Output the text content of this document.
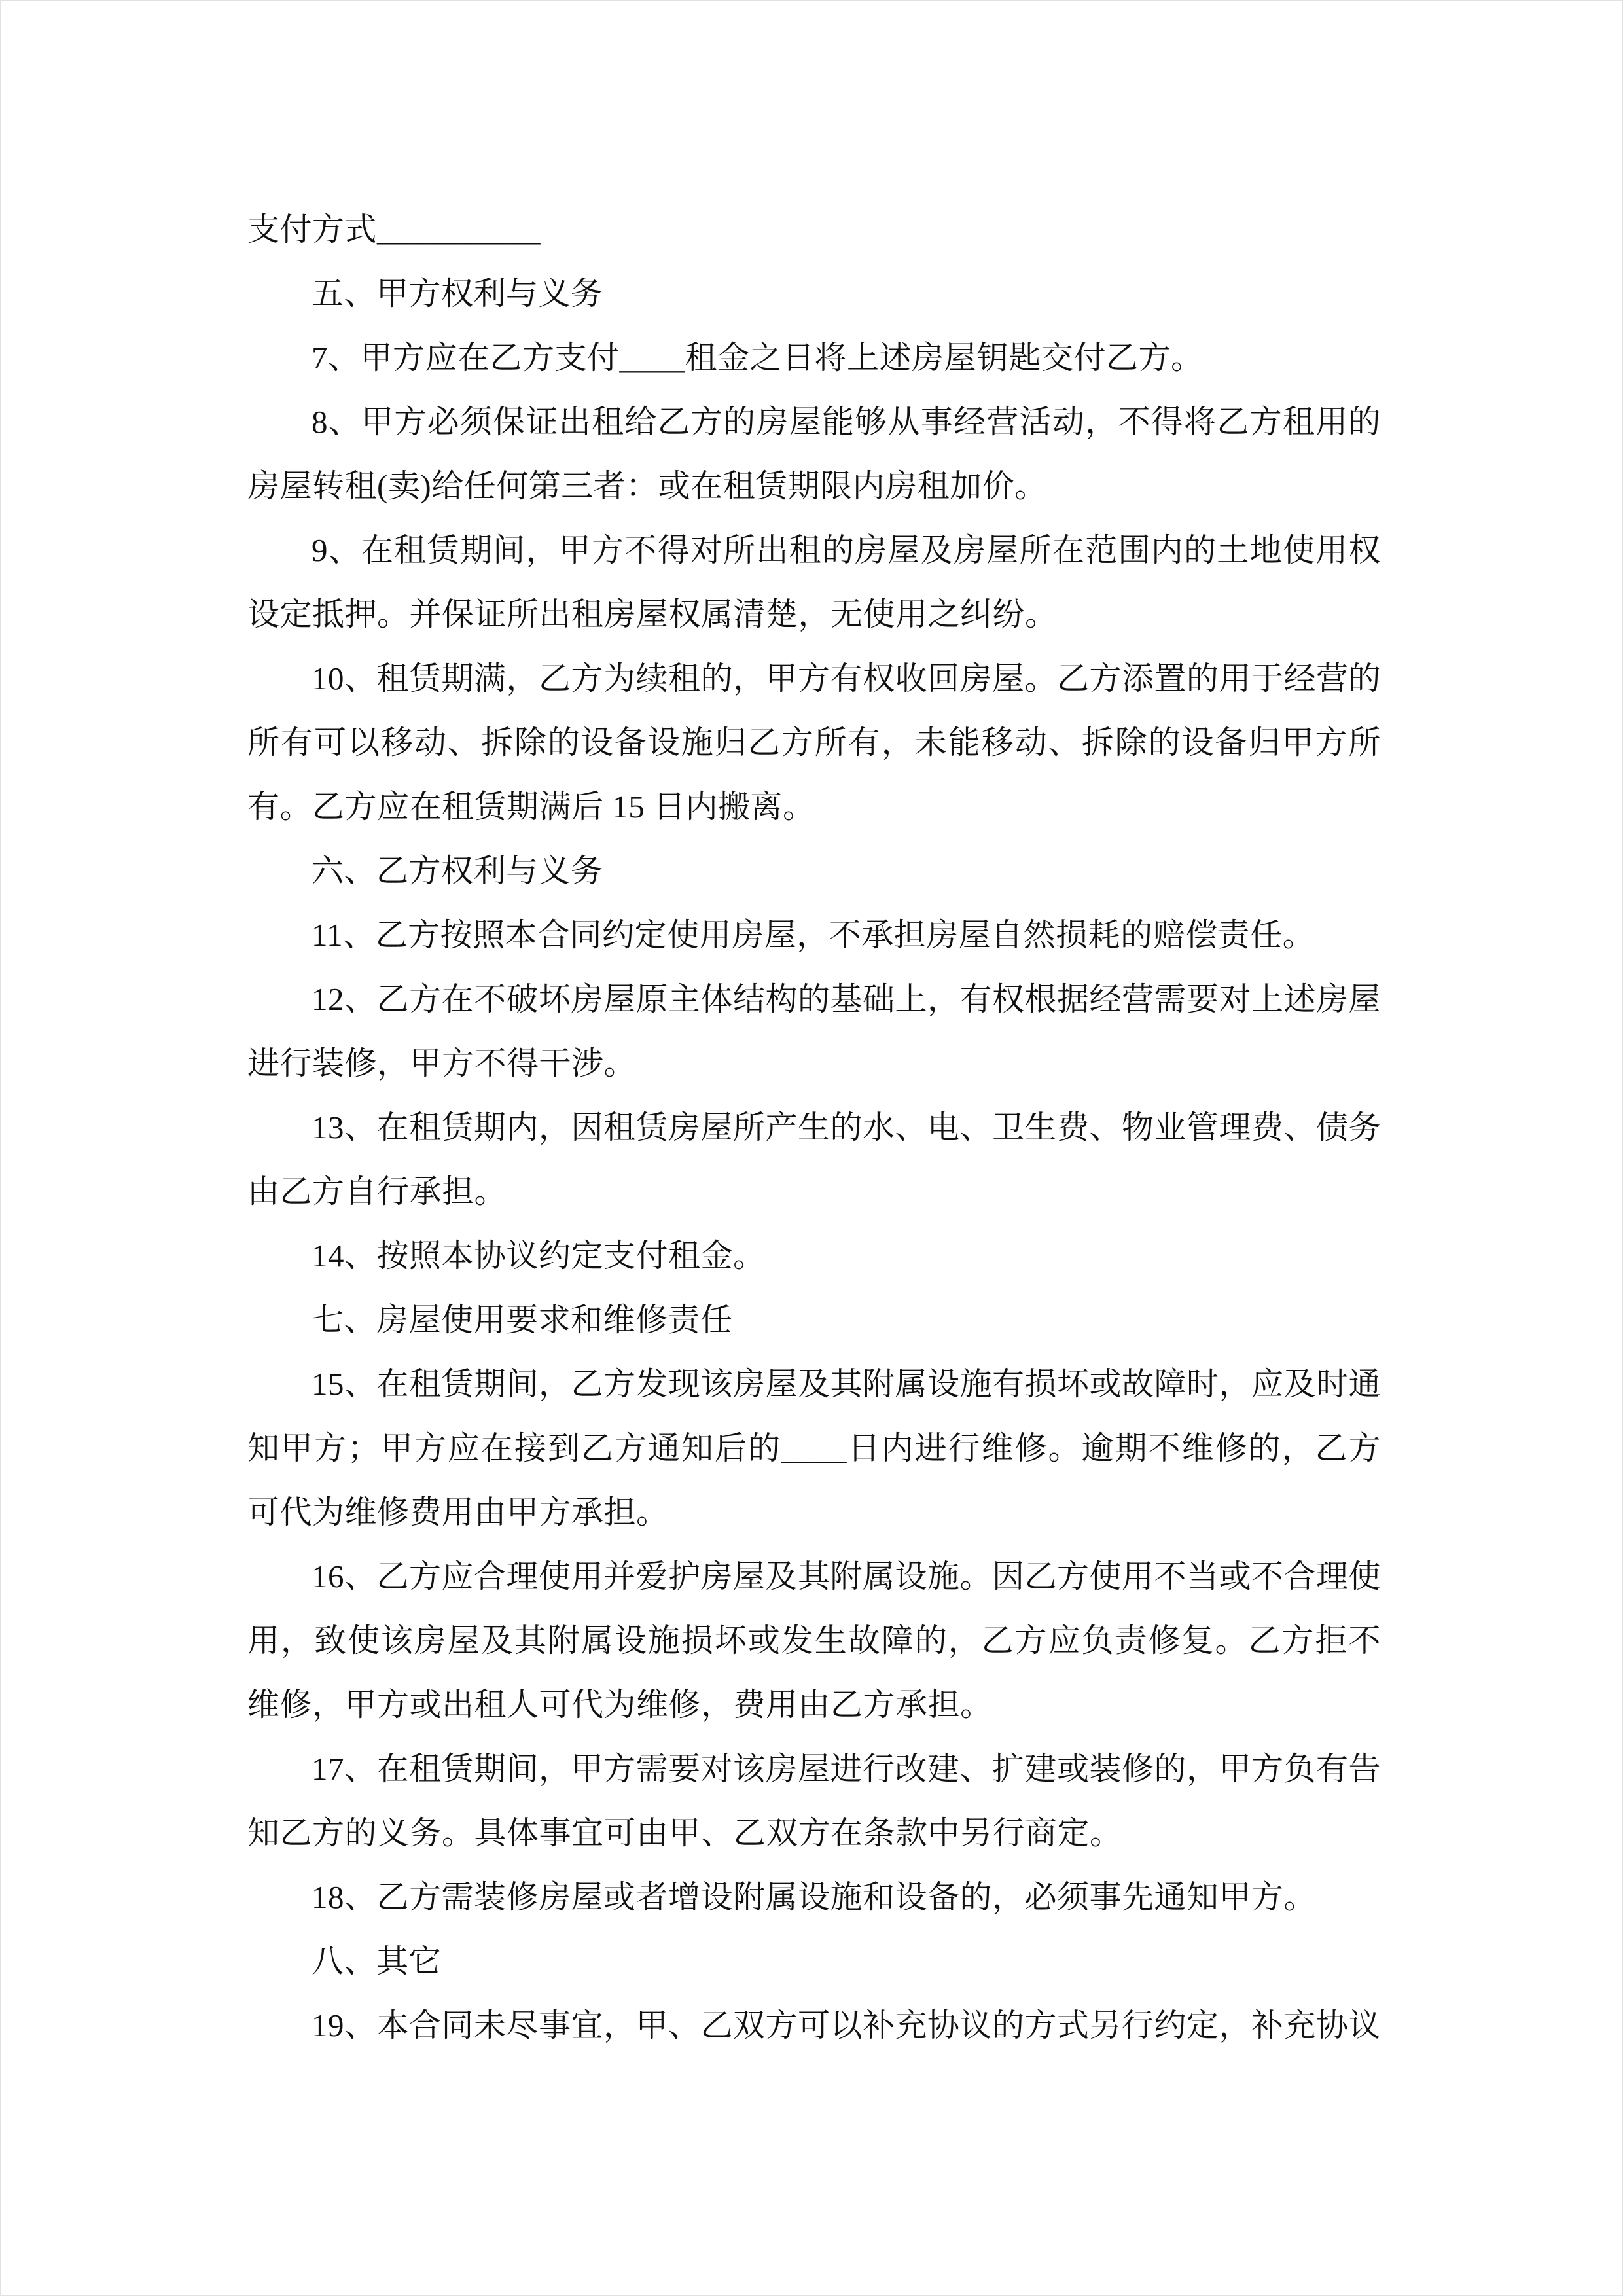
支付方式__________

五、甲方权利与义务

7、甲方应在乙方支付____租金之日将上述房屋钥匙交付乙方。

8、甲方必须保证出租给乙方的房屋能够从事经营活动，不得将乙方租用的房屋转租(卖)给任何第三者：或在租赁期限内房租加价。

9、在租赁期间，甲方不得对所出租的房屋及房屋所在范围内的土地使用权设定抵押。并保证所出租房屋权属清楚，无使用之纠纷。

10、租赁期满，乙方为续租的，甲方有权收回房屋。乙方添置的用于经营的所有可以移动、拆除的设备设施归乙方所有，未能移动、拆除的设备归甲方所有。乙方应在租赁期满后 15 日内搬离。

六、乙方权利与义务

11、乙方按照本合同约定使用房屋，不承担房屋自然损耗的赔偿责任。

12、乙方在不破坏房屋原主体结构的基础上，有权根据经营需要对上述房屋进行装修，甲方不得干涉。

13、在租赁期内，因租赁房屋所产生的水、电、卫生费、物业管理费、债务由乙方自行承担。

14、按照本协议约定支付租金。

七、房屋使用要求和维修责任

15、在租赁期间，乙方发现该房屋及其附属设施有损坏或故障时，应及时通知甲方；甲方应在接到乙方通知后的____日内进行维修。逾期不维修的，乙方可代为维修费用由甲方承担。

16、乙方应合理使用并爱护房屋及其附属设施。因乙方使用不当或不合理使用，致使该房屋及其附属设施损坏或发生故障的，乙方应负责修复。乙方拒不维修，甲方或出租人可代为维修，费用由乙方承担。

17、在租赁期间，甲方需要对该房屋进行改建、扩建或装修的，甲方负有告知乙方的义务。具体事宜可由甲、乙双方在条款中另行商定。

18、乙方需装修房屋或者增设附属设施和设备的，必须事先通知甲方。

八、其它

19、本合同未尽事宜，甲、乙双方可以补充协议的方式另行约定，补充协议
